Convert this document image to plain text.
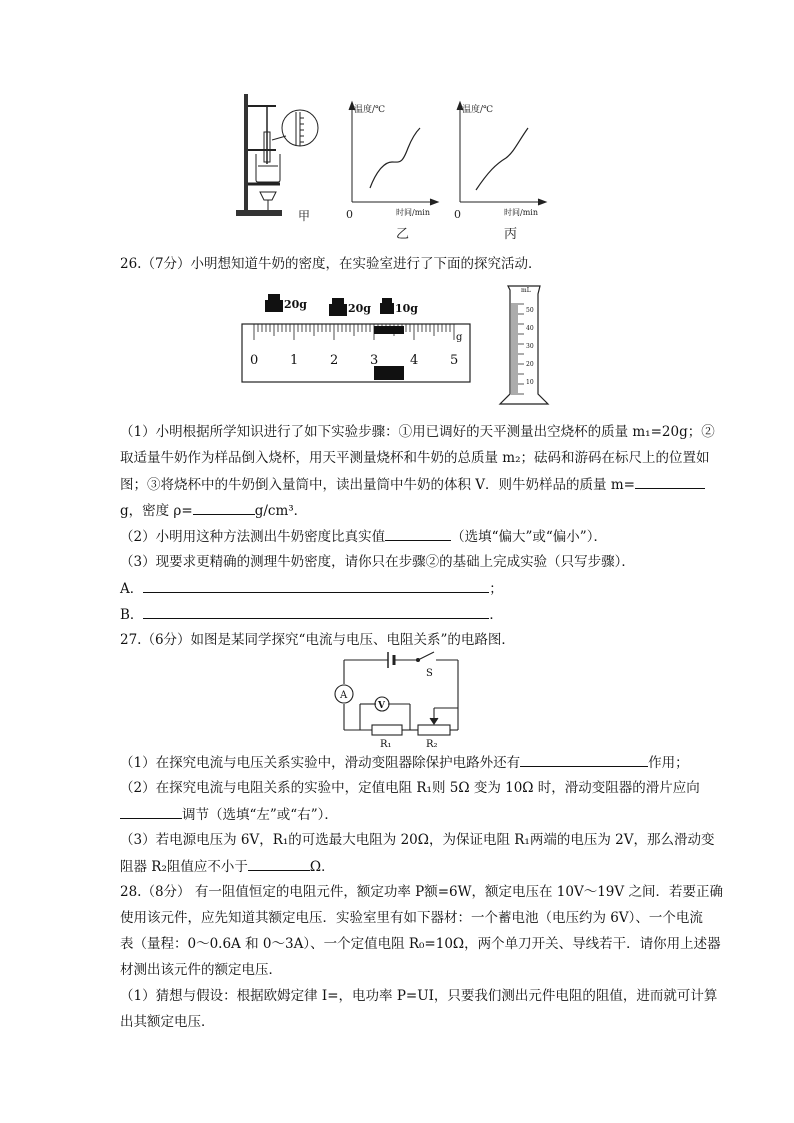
甲
温度/℃
时间/min
0
乙
温度/℃
时间/min
0
丙
26.（7分）小明想知道牛奶的密度，在实验室进行了下面的探究活动．
20g	20g 10g
0 1 2 3 4 5
g
mL
50
40
30
20
10
（1）小明根据所学知识进行了如下实验步骤：①用已调好的天平测量出空烧杯的质量 m₁=20g；②
取适量牛奶作为样品倒入烧杯，用天平测量烧杯和牛奶的总质量 m₂；砝码和游码在标尺上的位置如
图；③将烧杯中的牛奶倒入量筒中，读出量筒中牛奶的体积 V．则牛奶样品的质量 m=
g，密度 ρ=	g/cm³．
（2）小明用这种方法测出牛奶密度比真实值	（选填“偏大”或“偏小”）．
（3）现要求更精确的测理牛奶密度，请你只在步骤②的基础上完成实验（只写步骤）．
A．	；
B．	．
27.（6分）如图是某同学探究“电流与电压、电阻关系”的电路图．
A
V
S
R₁	R₂
（1）在探究电流与电压关系实验中，滑动变阻器除保护电路外还有	作用；
（2）在探究电流与电阻关系的实验中，定值电阻 R₁则 5Ω 变为 10Ω 时，滑动变阻器的滑片应向
调节（选填“左”或“右”）．
（3）若电源电压为 6V，R₁的可选最大电阻为 20Ω，为保证电阻 R₁两端的电压为 2V，那么滑动变
阻器 R₂阻值应不小于	Ω．
28.（8分） 有一阻值恒定的电阻元件，额定功率 P额=6W，额定电压在 10V～19V 之间．若要正确
使用该元件，应先知道其额定电压．实验室里有如下器材：一个蓄电池（电压约为 6V）、一个电流
表（量程：0～0.6A 和 0～3A）、一个定值电阻 R₀=10Ω，两个单刀开关、导线若干．请你用上述器
材测出该元件的额定电压．
（1）猜想与假设：根据欧姆定律 I=，电功率 P=UI，只要我们测出元件电阻的阻值，进而就可计算
出其额定电压．
